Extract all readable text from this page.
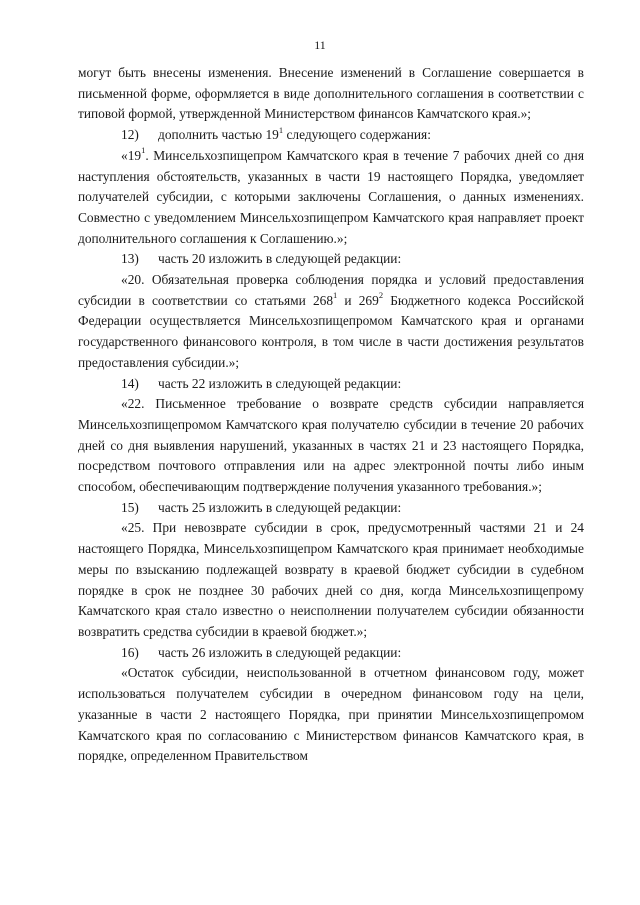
11

могут быть внесены изменения. Внесение изменений в Соглашение совершается в письменной форме, оформляется в виде дополнительного соглашения в соответствии с типовой формой, утвержденной Министерством финансов Камчатского края.»;

12)	дополнить частью $19^1$ следующего содержания:

«$19^1$. Минсельхозпищепром Камчатского края в течение 7 рабочих дней со дня наступления обстоятельств, указанных в части 19 настоящего Порядка, уведомляет получателей субсидии, с которыми заключены Соглашения, о данных изменениях. Совместно с уведомлением Минсельхозпищепром Камчатского края направляет проект дополнительного соглашения к Соглашению.»;

13)	часть 20 изложить в следующей редакции:

«20. Обязательная проверка соблюдения порядка и условий предоставления субсидии в соответствии со статьями $268^1$ и $269^2$ Бюджетного кодекса Российской Федерации осуществляется Минсельхозпищепромом Камчатского края и органами государственного финансового контроля, в том числе в части достижения результатов предоставления субсидии.»;

14)	часть 22 изложить в следующей редакции:

«22. Письменное требование о возврате средств субсидии направляется Минсельхозпищепромом Камчатского края получателю субсидии в течение 20 рабочих дней со дня выявления нарушений, указанных в частях 21 и 23 настоящего Порядка, посредством почтового отправления или на адрес электронной почты либо иным способом, обеспечивающим подтверждение получения указанного требования.»;

15)	часть 25 изложить в следующей редакции:

«25. При невозврате субсидии в срок, предусмотренный частями 21 и 24 настоящего Порядка, Минсельхозпищепром Камчатского края принимает необходимые меры по взысканию подлежащей возврату в краевой бюджет субсидии в судебном порядке в срок не позднее 30 рабочих дней со дня, когда Минсельхозпищепрому Камчатского края стало известно о неисполнении получателем субсидии обязанности возвратить средства субсидии в краевой бюджет.»;

16)	часть 26 изложить в следующей редакции:

«Остаток субсидии, неиспользованной в отчетном финансовом году, может использоваться получателем субсидии в очередном финансовом году на цели, указанные в части 2 настоящего Порядка, при принятии Минсельхозпищепромом Камчатского края по согласованию с Министерством финансов Камчатского края, в порядке, определенном Правительством
